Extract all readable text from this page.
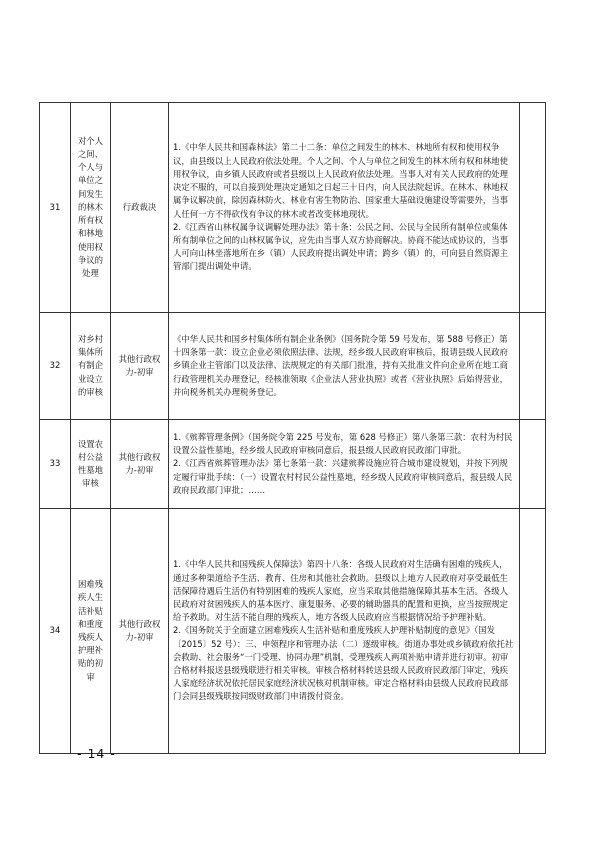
31	对个人之间、个人与单位之间发生的林木所有权和林地使用权争议的处理	行政裁决	1.《中华人民共和国森林法》第二十二条：单位之间发生的林木、林地所有权和使用权争议，由县级以上人民政府依法处理。个人之间、个人与单位之间发生的林木所有权和林地使用权争议，由乡镇人民政府或者县级以上人民政府依法处理。当事人对有关人民政府的处理决定不服的，可以自接到处理决定通知之日起三十日内，向人民法院起诉。在林木、林地权属争议解决前，除因森林防火、林业有害生物防治、国家重大基础设施建设等需要外，当事人任何一方不得砍伐有争议的林木或者改变林地现状。

2.《江西省山林权属争议调解处理办法》第十条：公民之间、公民与全民所有制单位或集体所有制单位之间的山林权属争议，应先由当事人双方协商解决。协商不能达成协议的，当事人可向山林坐落地所在乡（镇）人民政府提出调处申请；跨乡（镇）的，可向县自然资源主管部门提出调处申请。	

32	对乡村集体所有制企业设立的审核	其他行政权力-初审	《中华人民共和国乡村集体所有制企业条例》（国务院令第 59 号发布，第 588 号修正）第十四条第一款：设立企业必须依照法律、法规，经乡级人民政府审核后，报请县级人民政府乡镇企业主管部门以及法律、法规规定的有关部门批准，持有关批准文件向企业所在地工商行政管理机关办理登记，经核准领取《企业法人营业执照》或者《营业执照》后始得营业，并向税务机关办理税务登记。	

33	设置农村公益性墓地审核	其他行政权力-初审	1.《殡葬管理条例》（国务院令第 225 号发布，第 628 号修正）第八条第三款：农村为村民设置公益性墓地，经乡级人民政府审核同意后，报县级人民政府民政部门审批。

2.《江西省殡葬管理办法》第七条第一款：兴建殡葬设施应符合城市建设规划，并按下列规定履行审批手续：（一）设置农村村民公益性墓地，经乡级人民政府审核同意后，报县级人民政府民政部门审批；……	

34	困难残疾人生活补贴和重度残疾人护理补贴的初审	其他行政权力-初审	1.《中华人民共和国残疾人保障法》第四十八条：各级人民政府对生活确有困难的残疾人，通过多种渠道给予生活、教育、住房和其他社会救助。县级以上地方人民政府对享受最低生活保障待遇后生活仍有特别困难的残疾人家庭，应当采取其他措施保障其基本生活。各级人民政府对贫困残疾人的基本医疗、康复服务、必要的辅助器具的配置和更换，应当按照规定给予救助。对生活不能自理的残疾人，地方各级人民政府应当根据情况给予护理补贴。

2.《国务院关于全面建立困难残疾人生活补贴和重度残疾人护理补贴制度的意见》（国发〔2015〕52 号）：三、申领程序和管理办法（二）逐级审核。街道办事处或乡镇政府依托社会救助、社会服务“一门受理、协同办理”机制，受理残疾人两项补贴申请并进行初审。初审合格材料报送县级残联进行相关审核。审核合格材料转送县级人民政府民政部门审定，残疾人家庭经济状况依托居民家庭经济状况核对机制审核。审定合格材料由县级人民政府民政部门会同县级残联按同级财政部门申请拨付资金。	

- 14 -
